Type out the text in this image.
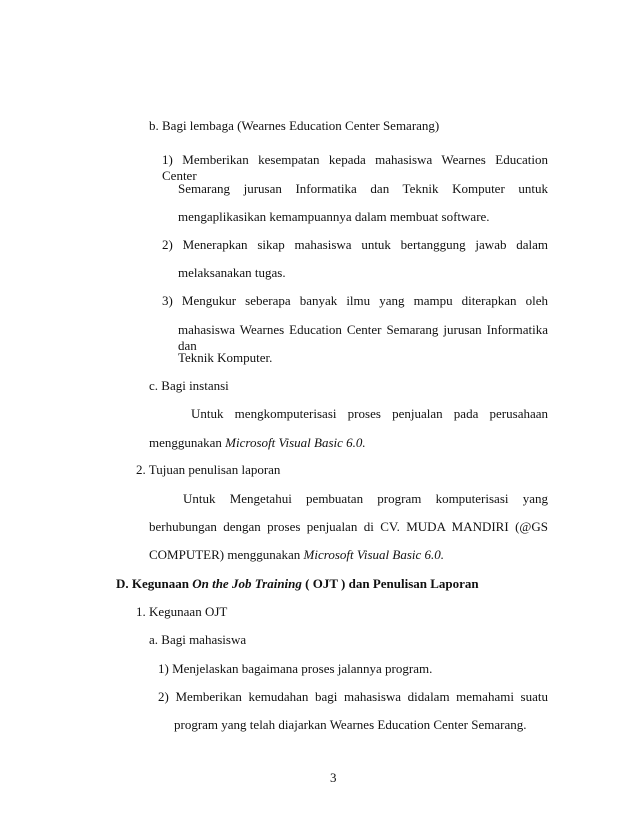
b. Bagi lembaga (Wearnes Education Center Semarang)
1) Memberikan kesempatan kepada mahasiswa Wearnes Education Center
Semarang jurusan Informatika dan Teknik Komputer untuk
mengaplikasikan kemampuannya dalam membuat software.
2) Menerapkan sikap mahasiswa untuk bertanggung jawab dalam
melaksanakan tugas.
3) Mengukur seberapa banyak ilmu yang mampu diterapkan oleh
mahasiswa Wearnes Education Center Semarang jurusan Informatika dan
Teknik Komputer.
c. Bagi instansi
Untuk mengkomputerisasi proses penjualan pada perusahaan
menggunakan Microsoft Visual Basic 6.0.
2. Tujuan penulisan laporan
Untuk Mengetahui pembuatan program komputerisasi yang
berhubungan dengan proses penjualan di CV. MUDA MANDIRI (@GS
COMPUTER) menggunakan Microsoft Visual Basic 6.0.
D. Kegunaan On the Job Training ( OJT ) dan Penulisan Laporan
1. Kegunaan OJT
a. Bagi mahasiswa
1) Menjelaskan bagaimana proses jalannya program.
2) Memberikan kemudahan bagi mahasiswa didalam memahami suatu
program yang telah diajarkan Wearnes Education Center Semarang.
3
